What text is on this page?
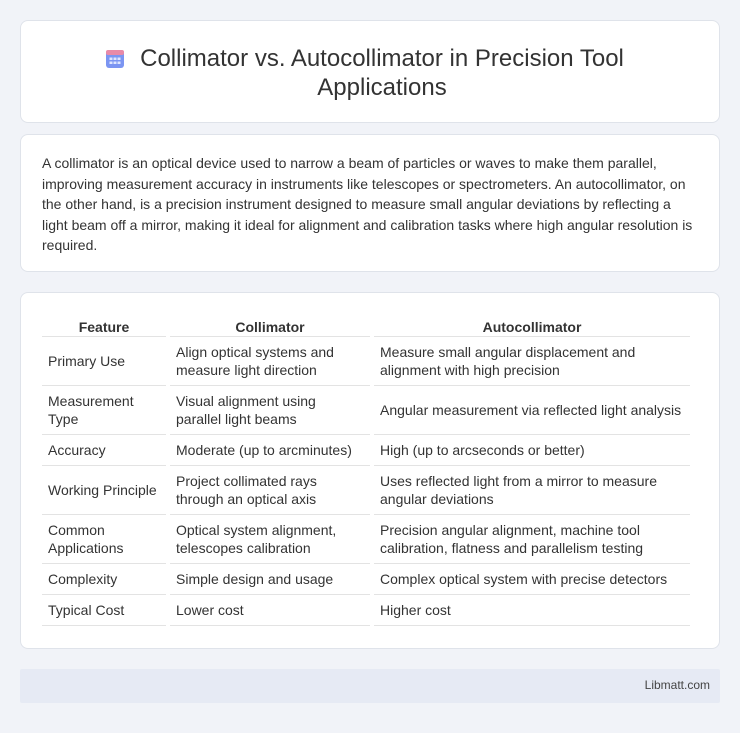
Collimator vs. Autocollimator in Precision Tool Applications

A collimator is an optical device used to narrow a beam of particles or waves to make them parallel, improving measurement accuracy in instruments like telescopes or spectrometers. An autocollimator, on the other hand, is a precision instrument designed to measure small angular deviations by reflecting a light beam off a mirror, making it ideal for alignment and calibration tasks where high angular resolution is required.

Feature	Collimator	Autocollimator
Primary Use	Align optical systems and measure light direction	Measure small angular displacement and alignment with high precision
Measurement Type	Visual alignment using parallel light beams	Angular measurement via reflected light analysis
Accuracy	Moderate (up to arcminutes)	High (up to arcseconds or better)
Working Principle	Project collimated rays through an optical axis	Uses reflected light from a mirror to measure angular deviations
Common Applications	Optical system alignment, telescopes calibration	Precision angular alignment, machine tool calibration, flatness and parallelism testing
Complexity	Simple design and usage	Complex optical system with precise detectors
Typical Cost	Lower cost	Higher cost
Libmatt.com
